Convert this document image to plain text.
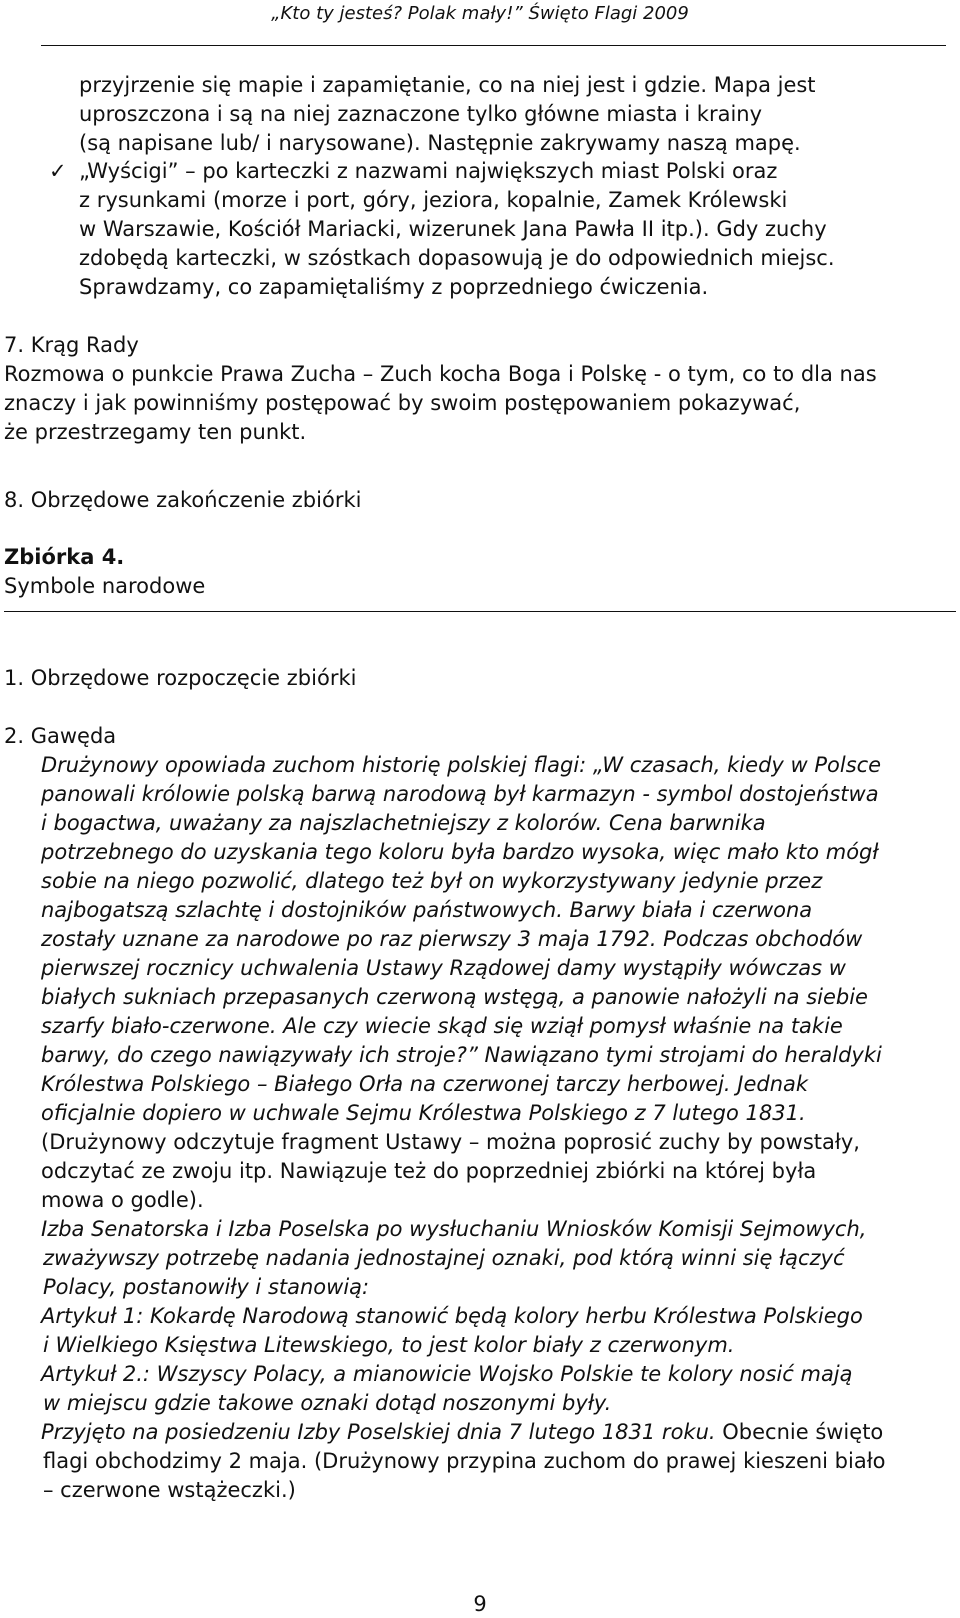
„Kto ty jesteś? Polak mały!” Święto Flagi 2009
przyjrzenie się mapie i zapamiętanie, co na niej jest i gdzie. Mapa jest
uproszczona i są na niej zaznaczone tylko główne miasta i krainy
(są napisane lub/ i narysowane). Następnie zakrywamy naszą mapę.
✓ „Wyścigi” – po karteczki z nazwami największych miast Polski oraz
z rysunkami (morze i port, góry, jeziora, kopalnie, Zamek Królewski
w Warszawie, Kościół Mariacki, wizerunek Jana Pawła II itp.). Gdy zuchy
zdobędą karteczki, w szóstkach dopasowują je do odpowiednich miejsc.
Sprawdzamy, co zapamiętaliśmy z poprzedniego ćwiczenia.
7. Krąg Rady
Rozmowa o punkcie Prawa Zucha – Zuch kocha Boga i Polskę - o tym, co to dla nas
znaczy i jak powinniśmy postępować by swoim postępowaniem pokazywać,
że przestrzegamy ten punkt.
8. Obrzędowe zakończenie zbiórki
Zbiórka 4.
Symbole narodowe
1. Obrzędowe rozpoczęcie zbiórki
2. Gawęda
Drużynowy opowiada zuchom historię polskiej flagi: „W czasach, kiedy w Polsce
panowali królowie polską barwą narodową był karmazyn - symbol dostojeństwa
i bogactwa, uważany za najszlachetniejszy z kolorów. Cena barwnika
potrzebnego do uzyskania tego koloru była bardzo wysoka, więc mało kto mógł
sobie na niego pozwolić, dlatego też był on wykorzystywany jedynie przez
najbogatszą szlachtę i dostojników państwowych. Barwy biała i czerwona
zostały uznane za narodowe po raz pierwszy 3 maja 1792. Podczas obchodów
pierwszej rocznicy uchwalenia Ustawy Rządowej damy wystąpiły wówczas w
białych sukniach przepasanych czerwoną wstęgą, a panowie nałożyli na siebie
szarfy biało-czerwone. Ale czy wiecie skąd się wziął pomysł właśnie na takie
barwy, do czego nawiązywały ich stroje?” Nawiązano tymi strojami do heraldyki
Królestwa Polskiego – Białego Orła na czerwonej tarczy herbowej. Jednak
oficjalnie dopiero w uchwale Sejmu Królestwa Polskiego z 7 lutego 1831.
(Drużynowy odczytuje fragment Ustawy – można poprosić zuchy by powstały,
odczytać ze zwoju itp. Nawiązuje też do poprzedniej zbiórki na której była
mowa o godle).
Izba Senatorska i Izba Poselska po wysłuchaniu Wniosków Komisji Sejmowych,
zważywszy potrzebę nadania jednostajnej oznaki, pod którą winni się łączyć
Polacy, postanowiły i stanowią:
Artykuł 1: Kokardę Narodową stanowić będą kolory herbu Królestwa Polskiego
i Wielkiego Księstwa Litewskiego, to jest kolor biały z czerwonym.
Artykuł 2.: Wszyscy Polacy, a mianowicie Wojsko Polskie te kolory nosić mają
w miejscu gdzie takowe oznaki dotąd noszonymi były.
Przyjęto na posiedzeniu Izby Poselskiej dnia 7 lutego 1831 roku. Obecnie święto
flagi obchodzimy 2 maja. (Drużynowy przypina zuchom do prawej kieszeni biało
– czerwone wstążeczki.)
9
